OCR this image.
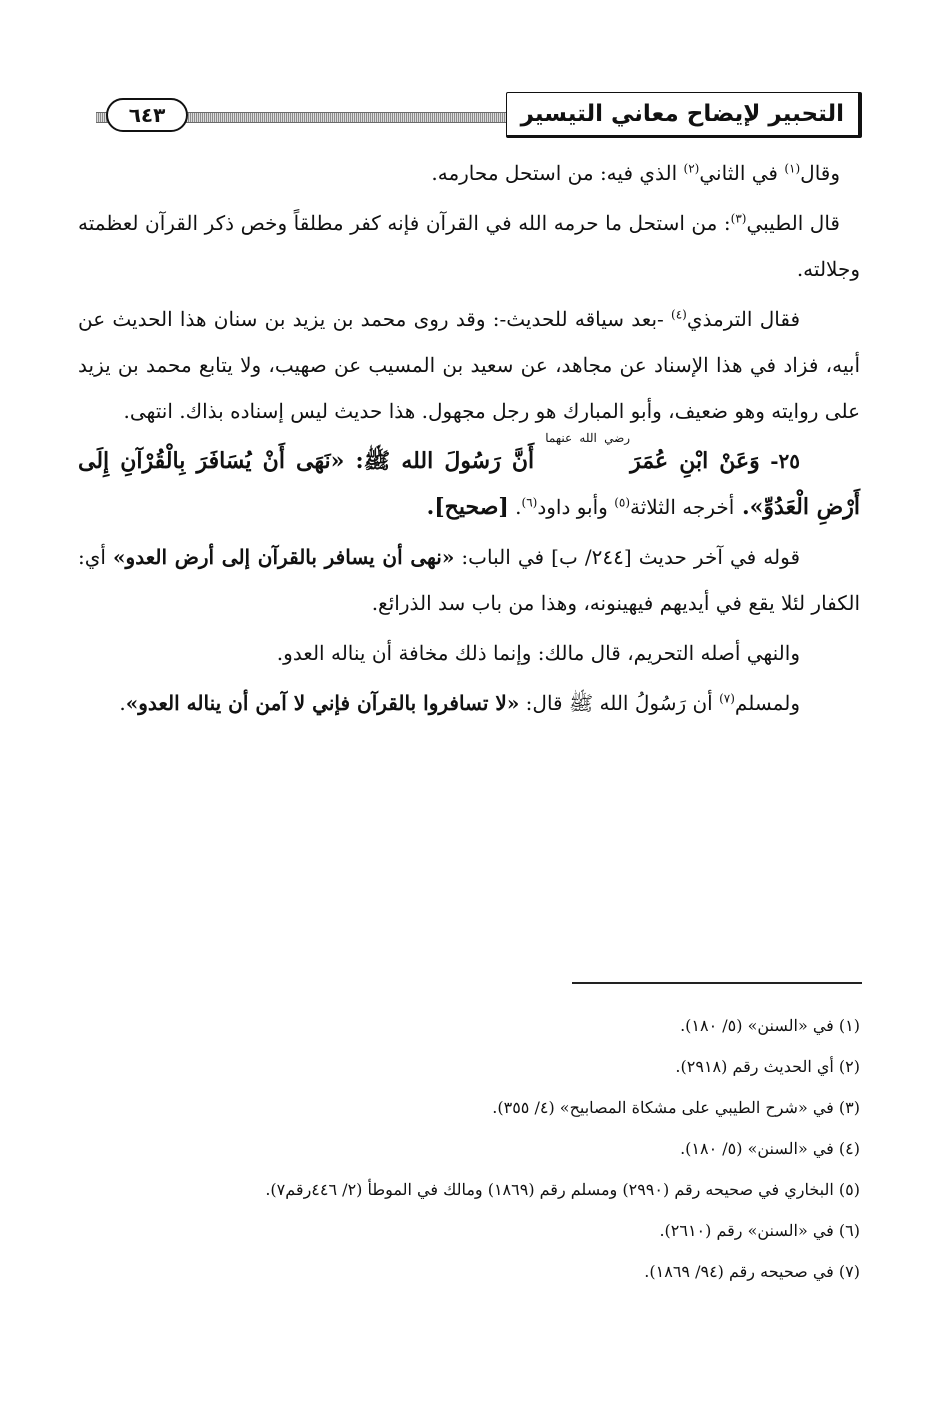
التحبير لإيضاح معاني التيسير
٦٤٣

وقال$^{(١)}$ في الثاني$^{(٢)}$ الذي فيه: من استحل محارمه.

قال الطيبي$^{(٣)}$: من استحل ما حرمه الله في القرآن فإنه كفر مطلقاً وخص ذكر القرآن لعظمته وجلالته.

فقال الترمذي$^{(٤)}$ -بعد سياقه للحديث-: وقد روى محمد بن يزيد بن سنان هذا الحديث عن أبيه، فزاد في هذا الإسناد عن مجاهد، عن سعيد بن المسيب عن صهيب، ولا يتابع محمد بن يزيد على روايته وهو ضعيف، وأبو المبارك هو رجل مجهول. هذا حديث ليس إسناده بذاك. انتهى.

٢٥- وَعَنْ ابْنِ عُمَرَ$^{رضي الله عنهما}$ أَنَّ رَسُولَ الله ﷺ: «نَهَى أَنْ يُسَافَرَ بِالْقُرْآنِ إِلَى أَرْضِ الْعَدُوِّ». أخرجه الثلاثة$^{(٥)}$ وأبو داود$^{(٦)}$. [صحيح].

قوله في آخر حديث [٢٤٤/ ب] في الباب: «نهى أن يسافر بالقرآن إلى أرض العدو» أي: الكفار لئلا يقع في أيديهم فيهينونه، وهذا من باب سد الذرائع.

والنهي أصله التحريم، قال مالك: وإنما ذلك مخافة أن يناله العدو.

ولمسلم$^{(٧)}$ أن رَسُولُ الله ﷺ قال: «لا تسافروا بالقرآن فإني لا آمن أن يناله العدو».

(١) في «السنن» (٥/ ١٨٠).
(٢) أي الحديث رقم (٢٩١٨).
(٣) في «شرح الطيبي على مشكاة المصابيح» (٤/ ٣٥٥).
(٤) في «السنن» (٥/ ١٨٠).
(٥) البخاري في صحيحه رقم (٢٩٩٠) ومسلم رقم (١٨٦٩) ومالك في الموطأ (٢/ ٤٤٦رقم٧).
(٦) في «السنن» رقم (٢٦١٠).
(٧) في صحيحه رقم (٩٤/ ١٨٦٩).
